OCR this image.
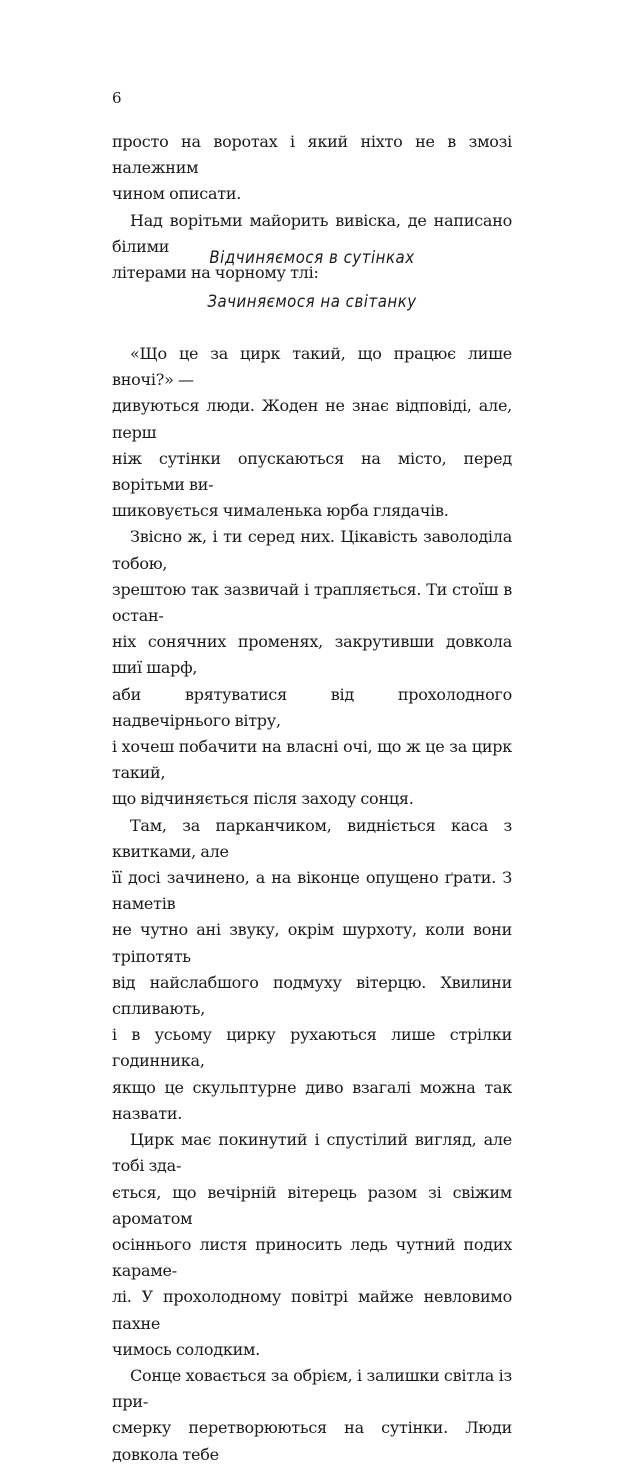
6

просто на воротах і який ніхто не в змозі належним

чином описати.

Над ворітьми майорить вивіска, де написано білими

літерами на чорному тлі:

Відчиняємося в сутінках
Зачиняємося на світанку

«Що це за цирк такий, що працює лише вночі?» —

дивуються люди. Жоден не знає відповіді, але, перш

ніж сутінки опускаються на місто, перед ворітьми ви-

шиковується чималенька юрба глядачів.

Звісно ж, і ти серед них. Цікавість заволоділа тобою,

зрештою так зазвичай і трапляється. Ти стоїш в остан-

ніх сонячних променях, закрутивши довкола шиї шарф,

аби врятуватися від прохолодного надвечірнього вітру,

і хочеш побачити на власні очі, що ж це за цирк такий,

що відчиняється після заходу сонця.

Там, за парканчиком, видніється каса з квитками, але

її досі зачинено, а на віконце опущено ґрати. З наметів

не чутно ані звуку, окрім шурхоту, коли вони тріпотять

від найслабшого подмуху вітерцю. Хвилини спливають,

і в усьому цирку рухаються лише стрілки годинника,

якщо це скульптурне диво взагалі можна так назвати.

Цирк має покинутий і спустілий вигляд, але тобі зда-

ється, що вечірній вітерець разом зі свіжим ароматом

осіннього листя приносить ледь чутний подих караме-

лі. У прохолодному повітрі майже невловимо пахне

чимось солодким.

Сонце ховається за обрієм, і залишки світла із при-

смерку перетворюються на сутінки. Люди довкола тебе
